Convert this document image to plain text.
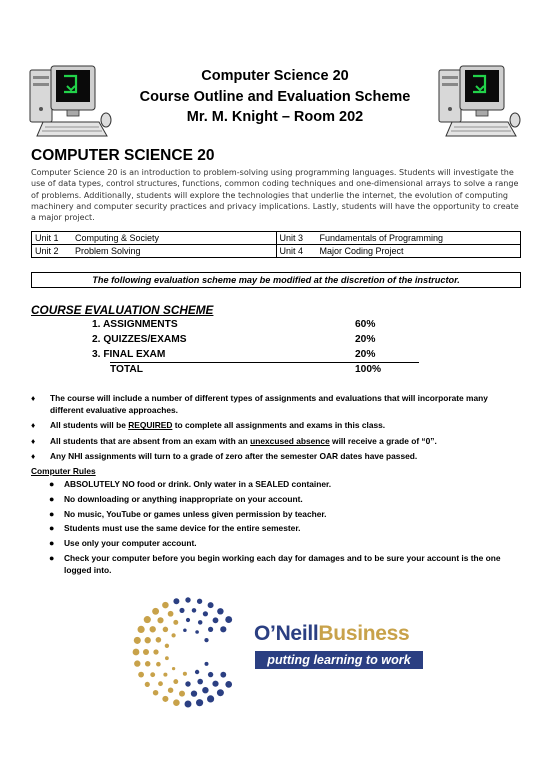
Computer Science 20
Course Outline and Evaluation Scheme
Mr. M. Knight – Room 202
COMPUTER SCIENCE 20
Computer Science 20 is an introduction to problem-solving using programming languages. Students will investigate the use of data types, control structures, functions, common coding techniques and one-dimensional arrays to solve a range of problems. Additionally, students will explore the technologies that underlie the internet, the evolution of computing machinery and computer security practices and privacy implications. Lastly, students will have the opportunity to create a major project.
Unit 1 Computing & Society	Unit 3 Fundamentals of Programming
Unit 2 Problem Solving	Unit 4 Major Coding Project
The following evaluation scheme may be modified at the discretion of the instructor.
COURSE EVALUATION SCHEME
1. ASSIGNMENTS	60%
2. QUIZZES/EXAMS	20%
3. FINAL EXAM	20%
TOTAL	100%
♦ The course will include a number of different types of assignments and evaluations that will incorporate many different evaluative approaches.
♦ All students will be REQUIRED to complete all assignments and exams in this class.
♦ All students that are absent from an exam with an unexcused absence will receive a grade of “0”.
♦ Any NHI assignments will turn to a grade of zero after the semester OAR dates have passed.
Computer Rules
● ABSOLUTELY NO food or drink. Only water in a SEALED container.
● No downloading or anything inappropriate on your account.
● No music, YouTube or games unless given permission by teacher.
● Students must use the same device for the entire semester.
● Use only your computer account.
● Check your computer before you begin working each day for damages and to be sure your account is the one logged into.
O’NeillBusiness
putting learning to work
